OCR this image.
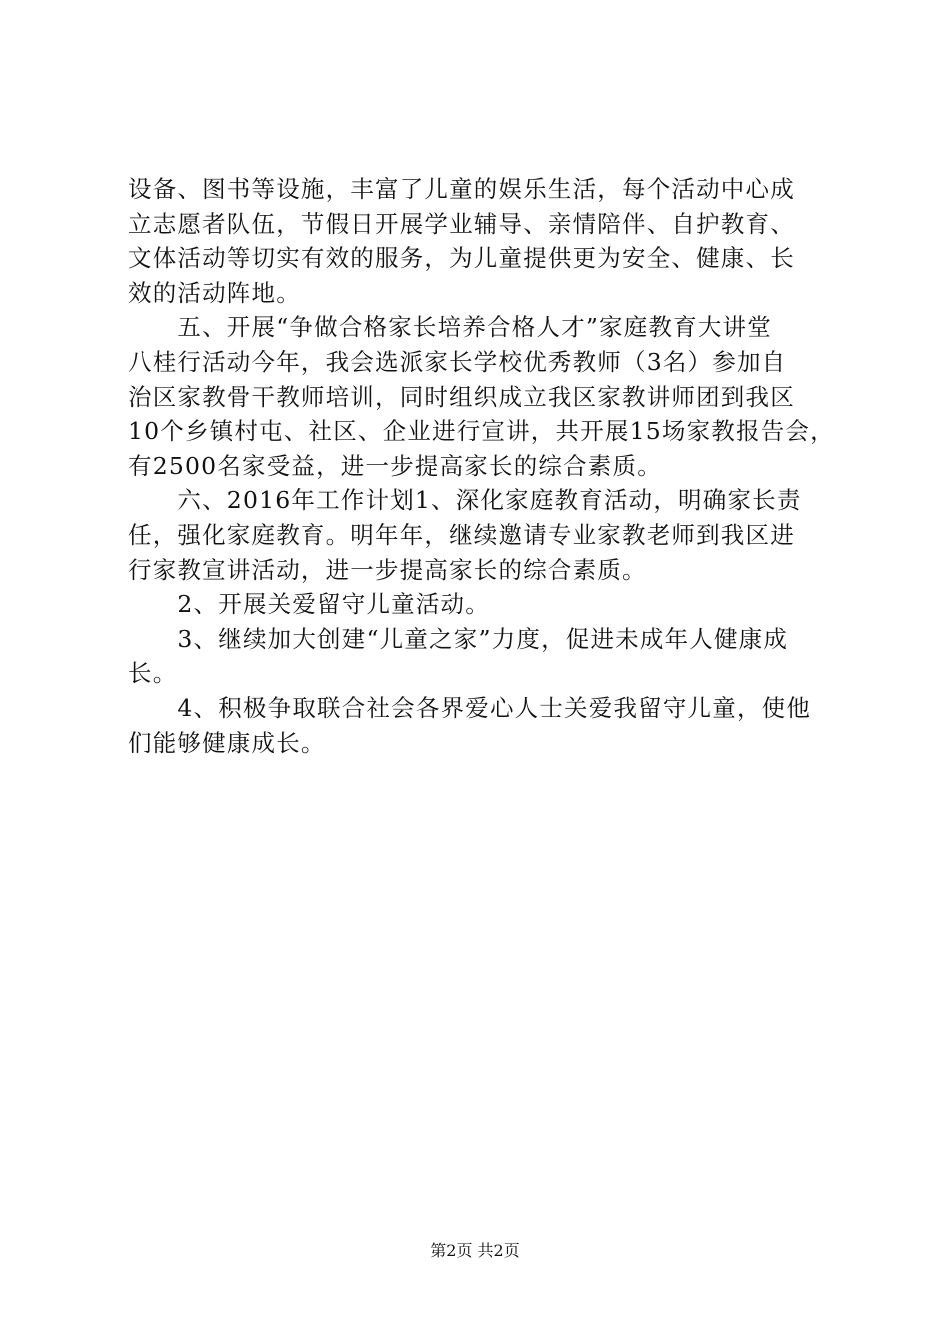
设备、图书等设施，丰富了儿童的娱乐生活，每个活动中心成
立志愿者队伍，节假日开展学业辅导、亲情陪伴、自护教育、
文体活动等切实有效的服务，为儿童提供更为安全、健康、长
效的活动阵地。
　　五、开展“争做合格家长培养合格人才”家庭教育大讲堂
八桂行活动今年，我会选派家长学校优秀教师（3名）参加自
治区家教骨干教师培训，同时组织成立我区家教讲师团到我区
10个乡镇村屯、社区、企业进行宣讲，共开展15场家教报告会，
有2500名家受益，进一步提高家长的综合素质。
　　六、2016年工作计划1、深化家庭教育活动，明确家长责
任，强化家庭教育。明年年，继续邀请专业家教老师到我区进
行家教宣讲活动，进一步提高家长的综合素质。
　　2、开展关爱留守儿童活动。
　　3、继续加大创建“儿童之家”力度，促进未成年人健康成
长。
　　4、积极争取联合社会各界爱心人士关爱我留守儿童，使他
们能够健康成长。
第2页 共2页
